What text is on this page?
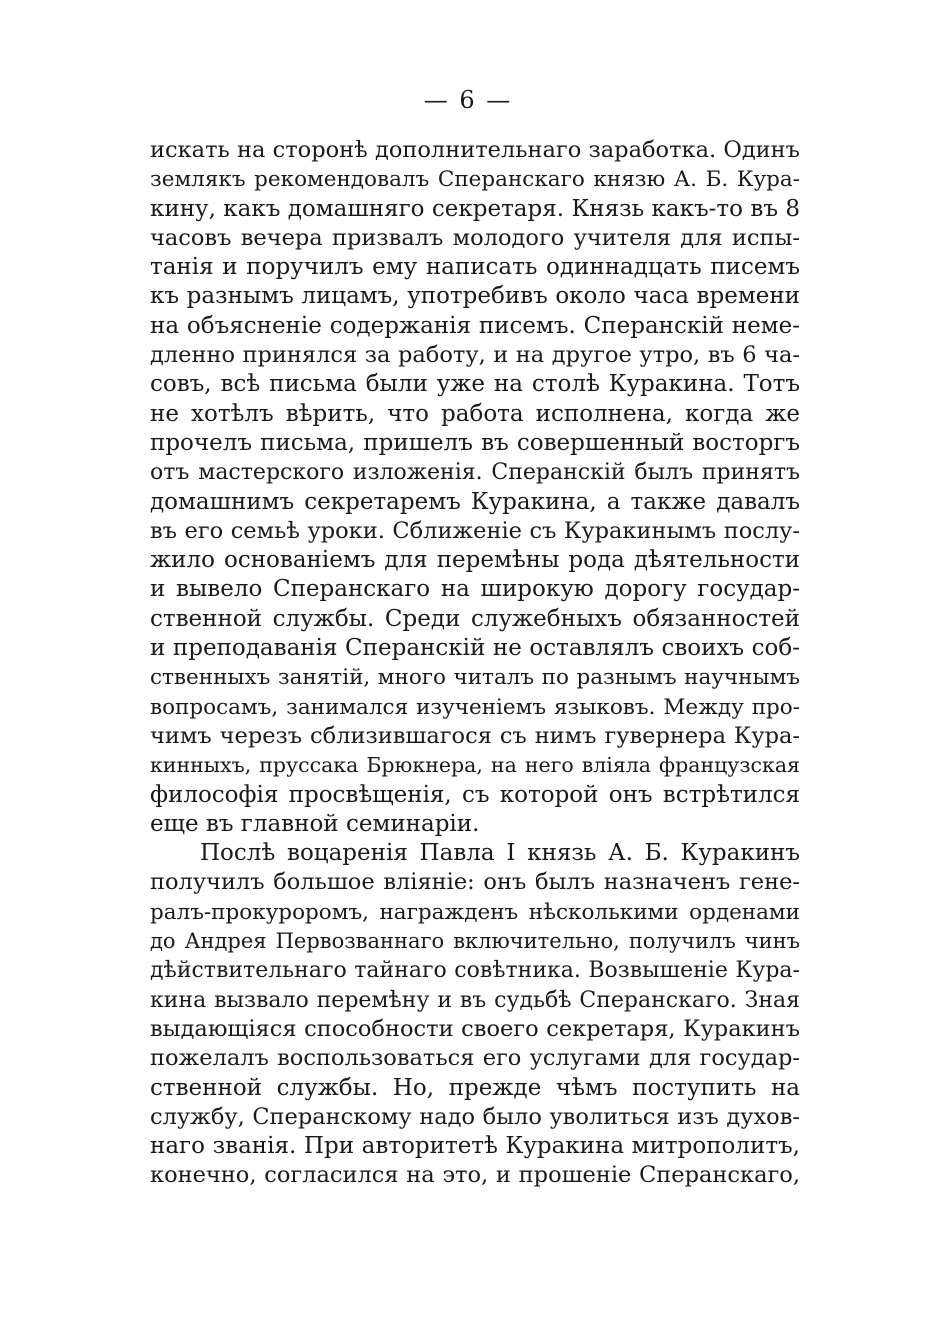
— 6 —
искать на сторонѣ дополнительнаго заработка. Одинъ
землякъ рекомендовалъ Сперанскаго князю А. Б. Кура-
кину, какъ домашняго секретаря. Князь какъ-то въ 8
часовъ вечера призвалъ молодого учителя для испы-
танія и поручилъ ему написать одиннадцать писемъ
къ разнымъ лицамъ, употребивъ около часа времени
на объясненіе содержанія писемъ. Сперанскій неме-
дленно принялся за работу, и на другое утро, въ 6 ча-
совъ, всѣ письма были уже на столѣ Куракина. Тотъ
не хотѣлъ вѣрить, что работа исполнена, когда же
прочелъ письма, пришелъ въ совершенный восторгъ
отъ мастерского изложенія. Сперанскій былъ принятъ
домашнимъ секретаремъ Куракина, а также давалъ
въ его семьѣ уроки. Сближеніе съ Куракинымъ послу-
жило основаніемъ для перемѣны рода дѣятельности
и вывело Сперанскаго на широкую дорогу государ-
ственной службы. Среди служебныхъ обязанностей
и преподаванія Сперанскій не оставлялъ своихъ соб-
ственныхъ занятій, много читалъ по разнымъ научнымъ
вопросамъ, занимался изученіемъ языковъ. Между про-
чимъ черезъ сблизившагося съ нимъ гувернера Кура-
кинныхъ, пруссака Брюкнера, на него вліяла французская
философія просвѣщенія, съ которой онъ встрѣтился
еще въ главной семинаріи.
Послѣ воцаренія Павла I князь А. Б. Куракинъ
получилъ большое вліяніе: онъ былъ назначенъ гене-
ралъ-прокуроромъ, награжденъ нѣсколькими орденами
до Андрея Первозваннаго включительно, получилъ чинъ
дѣйствительнаго тайнаго совѣтника. Возвышеніе Кура-
кина вызвало перемѣну и въ судьбѣ Сперанскаго. Зная
выдающіяся способности своего секретаря, Куракинъ
пожелалъ воспользоваться его услугами для государ-
ственной службы. Но, прежде чѣмъ поступить на
службу, Сперанскому надо было уволиться изъ духов-
наго званія. При авторитетѣ Куракина митрополитъ,
конечно, согласился на это, и прошеніе Сперанскаго,
